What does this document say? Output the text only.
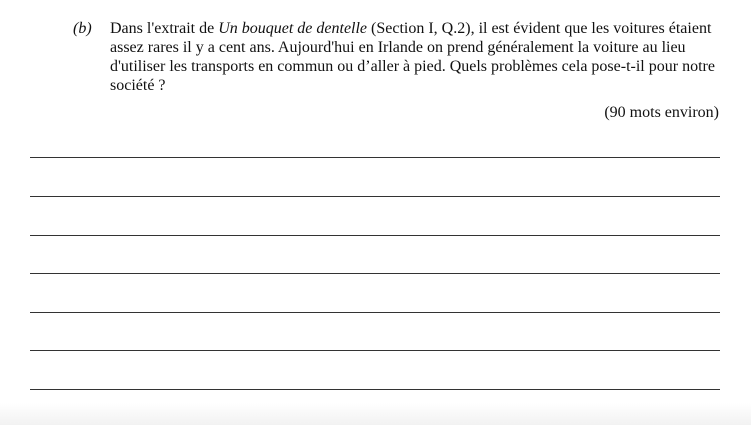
(b) Dans l'extrait de Un bouquet de dentelle (Section I, Q.2), il est évident que les voitures étaient assez rares il y a cent ans. Aujourd'hui en Irlande on prend généralement la voiture au lieu d'utiliser les transports en commun ou d’aller à pied. Quels problèmes cela pose-t-il pour notre société ?
(90 mots environ)
